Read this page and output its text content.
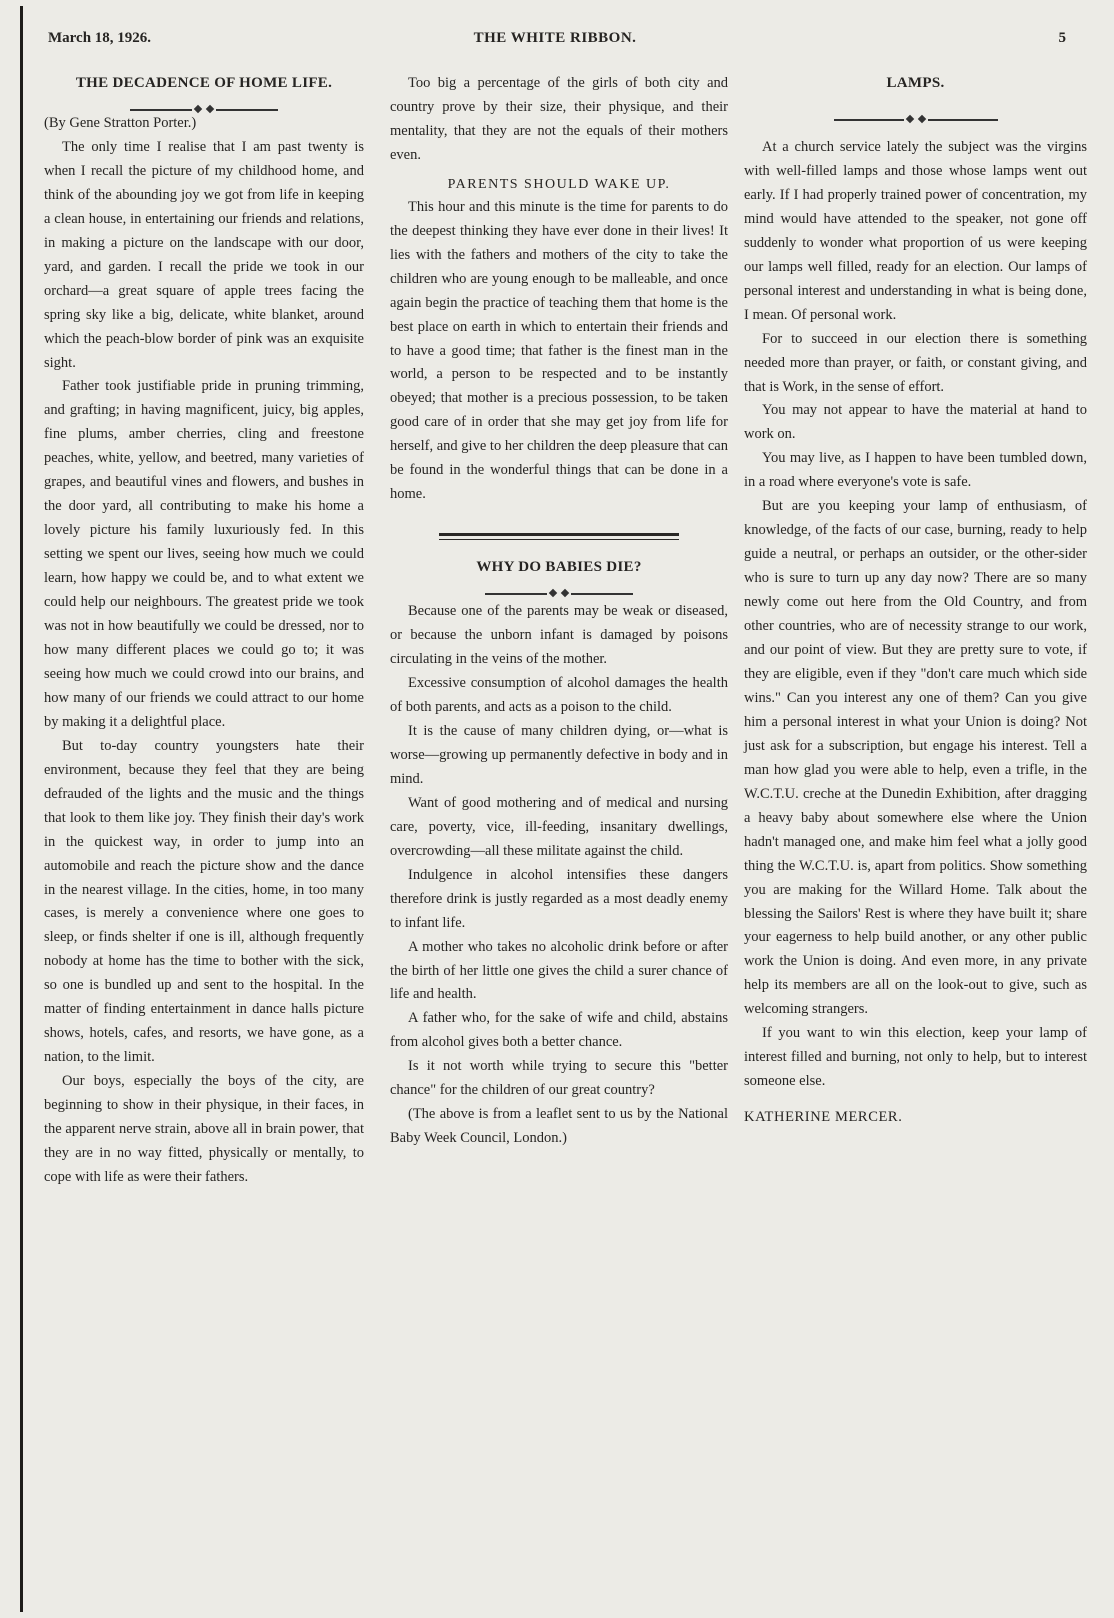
March 18, 1926.	THE WHITE RIBBON.	5
THE DECADENCE OF HOME LIFE.

(By Gene Stratton Porter.)

The only time I realise that I am past twenty is when I recall the picture of my childhood home, and think of the abounding joy we got from life in keeping a clean house, in entertaining our friends and relations, in making a picture on the landscape with our door, yard, and garden. I recall the pride we took in our orchard—a great square of apple trees facing the spring sky like a big, delicate, white blanket, around which the peach-blow border of pink was an exquisite sight.

Father took justifiable pride in pruning trimming, and grafting; in having magnificent, juicy, big apples, fine plums, amber cherries, cling and freestone peaches, white, yellow, and beetred, many varieties of grapes, and beautiful vines and flowers, and bushes in the door yard, all contributing to make his home a lovely picture his family luxuriously fed. In this setting we spent our lives, seeing how much we could learn, how happy we could be, and to what extent we could help our neighbours. The greatest pride we took was not in how beautifully we could be dressed, nor to how many different places we could go to; it was seeing how much we could crowd into our brains, and how many of our friends we could attract to our home by making it a delightful place.

But to-day country youngsters hate their environment, because they feel that they are being defrauded of the lights and the music and the things that look to them like joy. They finish their day's work in the quickest way, in order to jump into an automobile and reach the picture show and the dance in the nearest village. In the cities, home, in too many cases, is merely a convenience where one goes to sleep, or finds shelter if one is ill, although frequently nobody at home has the time to bother with the sick, so one is bundled up and sent to the hospital. In the matter of finding entertainment in dance halls picture shows, hotels, cafes, and resorts, we have gone, as a nation, to the limit.

Our boys, especially the boys of the city, are beginning to show in their physique, in their faces, in the apparent nerve strain, above all in brain power, that they are in no way fitted, physically or mentally, to cope with life as were their fathers.

Too big a percentage of the girls of both city and country prove by their size, their physique, and their mentality, that they are not the equals of their mothers even.

PARENTS SHOULD WAKE UP.

This hour and this minute is the time for parents to do the deepest thinking they have ever done in their lives! It lies with the fathers and mothers of the city to take the children who are young enough to be malleable, and once again begin the practice of teaching them that home is the best place on earth in which to entertain their friends and to have a good time; that father is the finest man in the world, a person to be respected and to be instantly obeyed; that mother is a precious possession, to be taken good care of in order that she may get joy from life for herself, and give to her children the deep pleasure that can be found in the wonderful things that can be done in a home.

WHY DO BABIES DIE?

Because one of the parents may be weak or diseased, or because the unborn infant is damaged by poisons circulating in the veins of the mother.

Excessive consumption of alcohol damages the health of both parents, and acts as a poison to the child.

It is the cause of many children dying, or—what is worse—growing up permanently defective in body and in mind.

Want of good mothering and of medical and nursing care, poverty, vice, ill-feeding, insanitary dwellings, overcrowding—all these militate against the child.

Indulgence in alcohol intensifies these dangers therefore drink is justly regarded as a most deadly enemy to infant life.

A mother who takes no alcoholic drink before or after the birth of her little one gives the child a surer chance of life and health.

A father who, for the sake of wife and child, abstains from alcohol gives both a better chance.

Is it not worth while trying to secure this "better chance" for the children of our great country?

(The above is from a leaflet sent to us by the National Baby Week Council, London.)

LAMPS.

At a church service lately the subject was the virgins with well-filled lamps and those whose lamps went out early. If I had properly trained power of concentration, my mind would have attended to the speaker, not gone off suddenly to wonder what proportion of us were keeping our lamps well filled, ready for an election. Our lamps of personal interest and understanding in what is being done, I mean. Of personal work.

For to succeed in our election there is something needed more than prayer, or faith, or constant giving, and that is Work, in the sense of effort.

You may not appear to have the material at hand to work on.

You may live, as I happen to have been tumbled down, in a road where everyone's vote is safe.

But are you keeping your lamp of enthusiasm, of knowledge, of the facts of our case, burning, ready to help guide a neutral, or perhaps an outsider, or the other-sider who is sure to turn up any day now? There are so many newly come out here from the Old Country, and from other countries, who are of necessity strange to our work, and our point of view. But they are pretty sure to vote, if they are eligible, even if they "don't care much which side wins." Can you interest any one of them? Can you give him a personal interest in what your Union is doing? Not just ask for a subscription, but engage his interest. Tell a man how glad you were able to help, even a trifle, in the W.C.T.U. creche at the Dunedin Exhibition, after dragging a heavy baby about somewhere else where the Union hadn't managed one, and make him feel what a jolly good thing the W.C.T.U. is, apart from politics. Show something you are making for the Willard Home. Talk about the blessing the Sailors' Rest is where they have built it; share your eagerness to help build another, or any other public work the Union is doing. And even more, in any private help its members are all on the look-out to give, such as welcoming strangers.

If you want to win this election, keep your lamp of interest filled and burning, not only to help, but to interest someone else.

KATHERINE MERCER.
